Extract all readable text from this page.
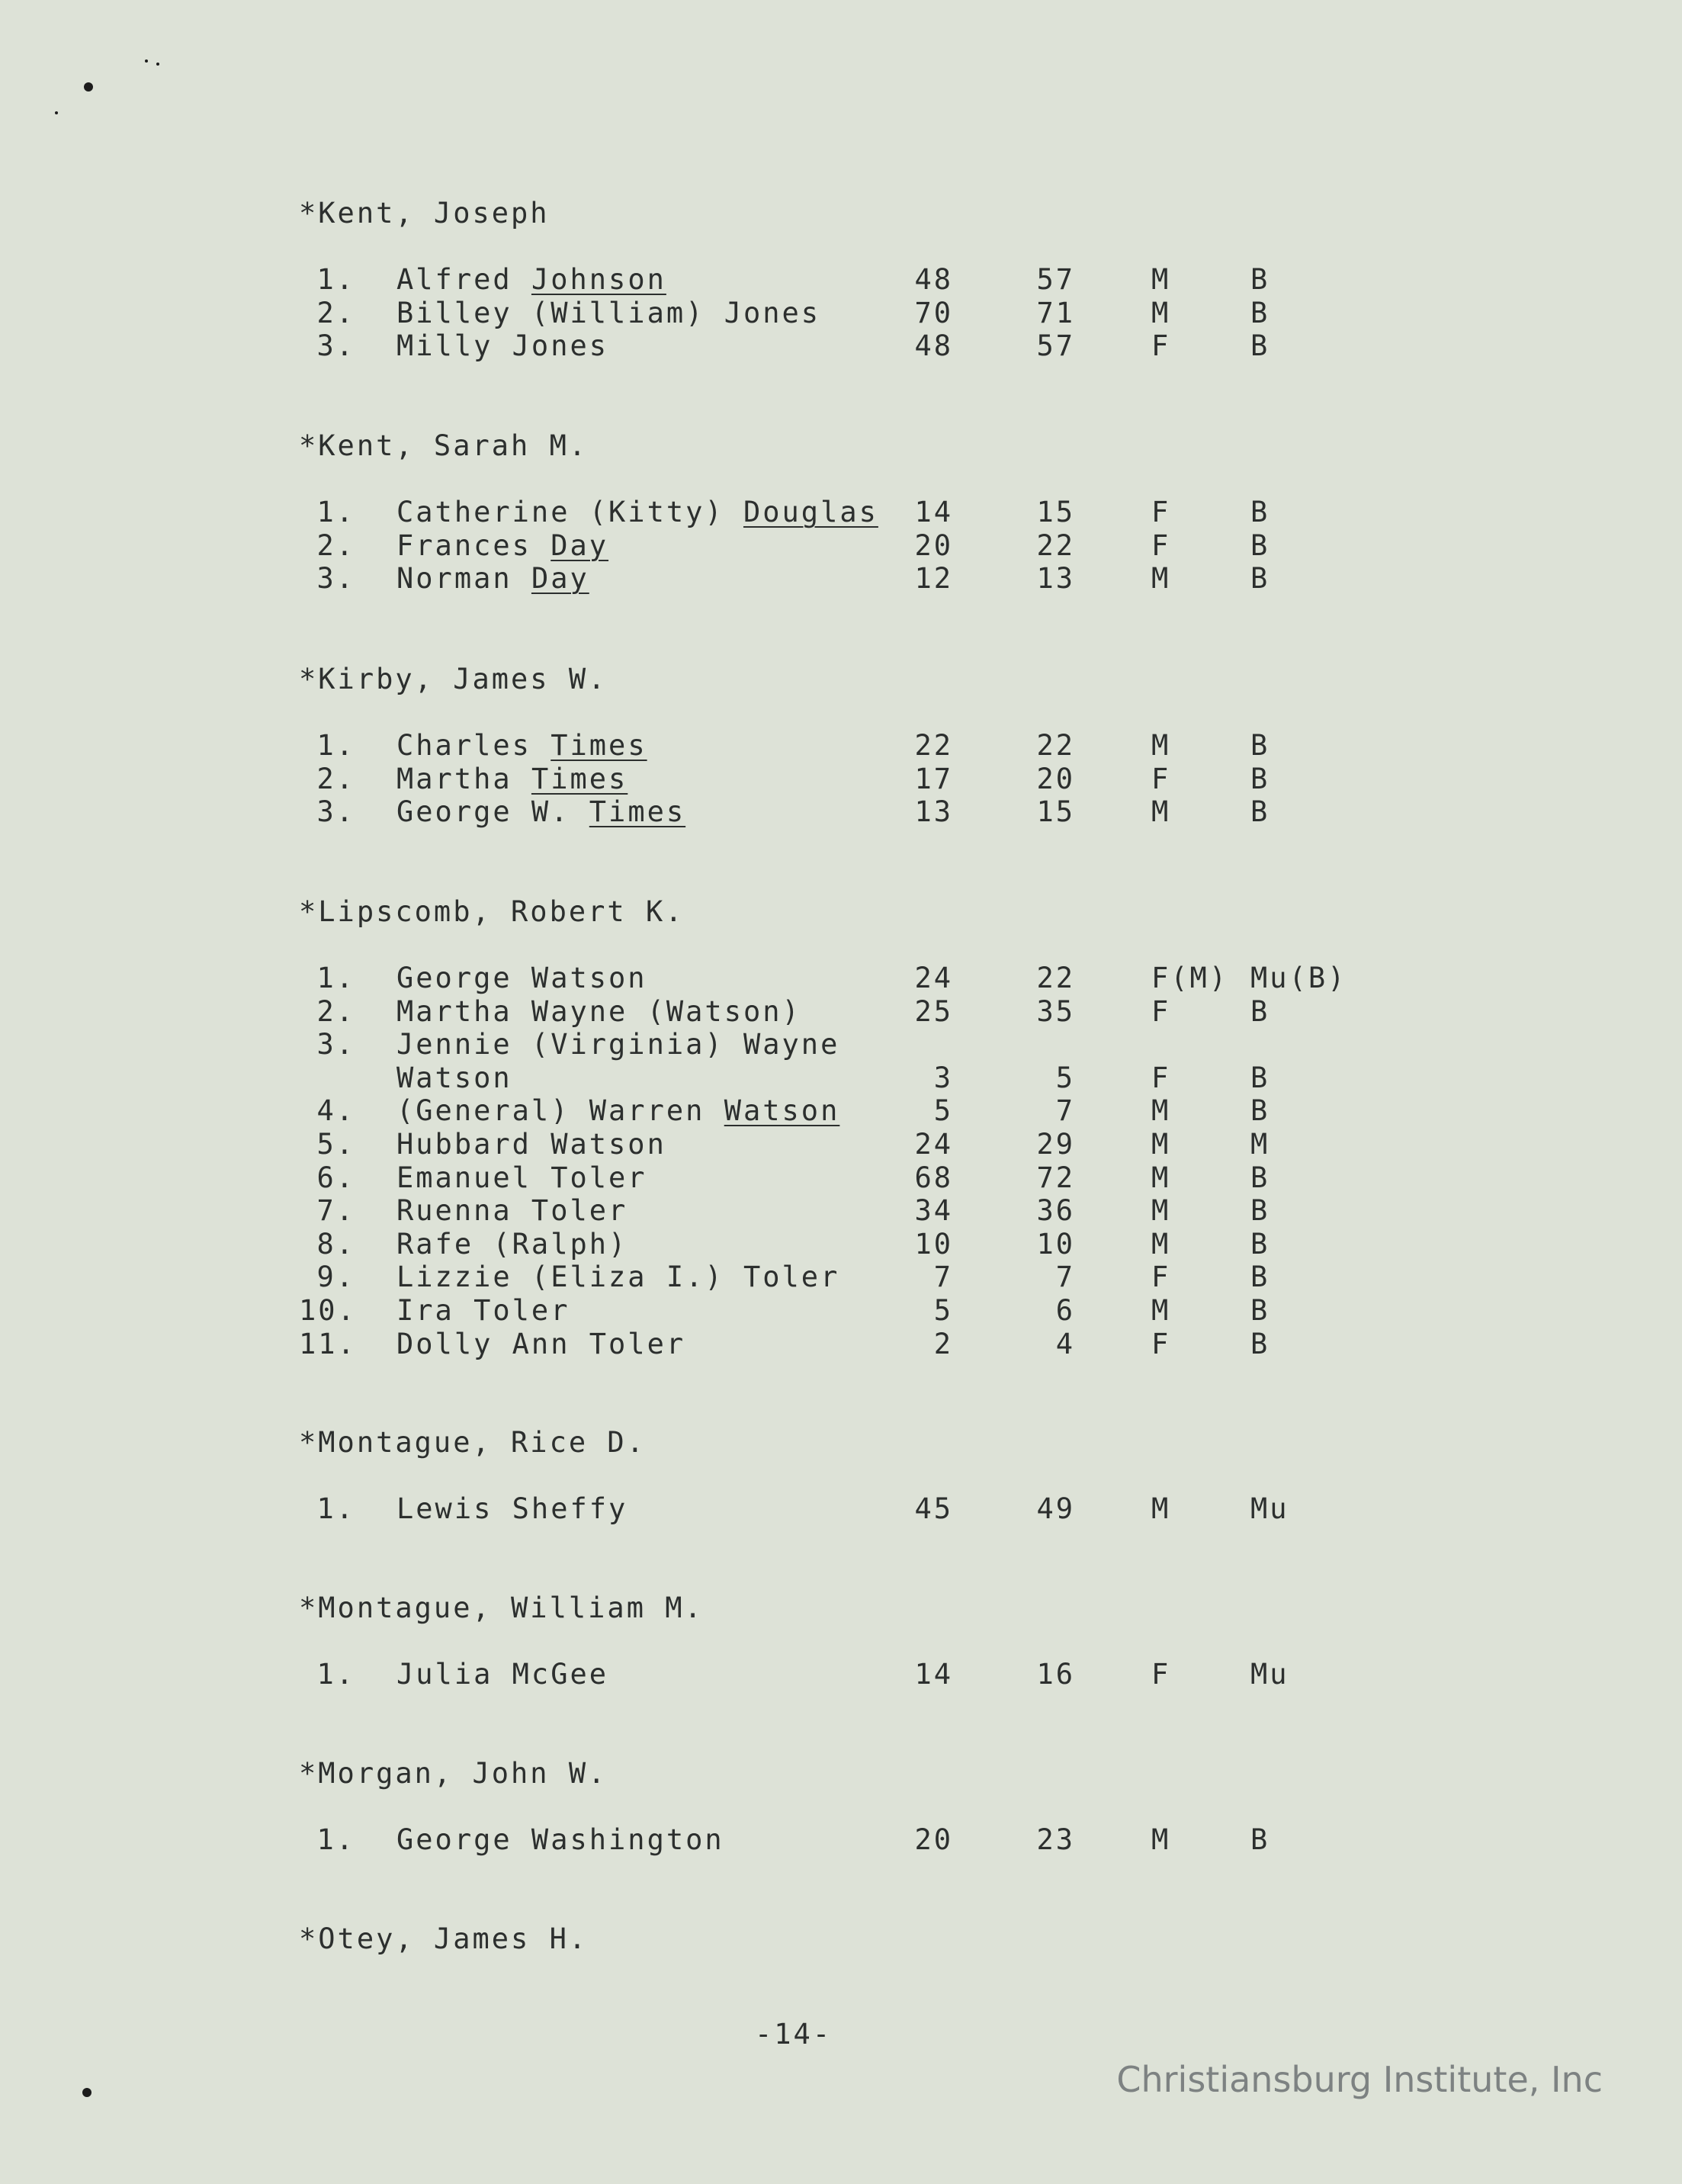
*Kent, Joseph
1. Alfred Johnson	48	57	M	B
2. Billey (William) Jones	70	71	M	B
3. Milly Jones	48	57	F	B
*Kent, Sarah M.
1. Catherine (Kitty) Douglas	14	15	F	B
2. Frances Day	20	22	F	B
3. Norman Day	12	13	M	B
*Kirby, James W.
1. Charles Times	22	22	M	B
2. Martha Times	17	20	F	B
3. George W. Times	13	15	M	B
*Lipscomb, Robert K.
1. George Watson	24	22	F(M) Mu(B)
2. Martha Wayne (Watson)	25	35	F	B
3. Jennie (Virginia) Wayne
Watson	3	5	F	B
4. (General) Warren Watson	5	7	M	B
5. Hubbard Watson	24	29	M	M
6. Emanuel Toler	68	72	M	B
7. Ruenna Toler	34	36	M	B
8. Rafe (Ralph)	10	10	M	B
9. Lizzie (Eliza I.) Toler	7	7	F	B
10. Ira Toler	5	6	M	B
11. Dolly Ann Toler	2	4	F	B
*Montague, Rice D.
1. Lewis Sheffy	45	49	M	Mu
*Montague, William M.
1. Julia McGee	14	16	F	Mu
*Morgan, John W.
1. George Washington	20	23	M	B
*Otey, James H.
-14-
Christiansburg Institute, Inc
